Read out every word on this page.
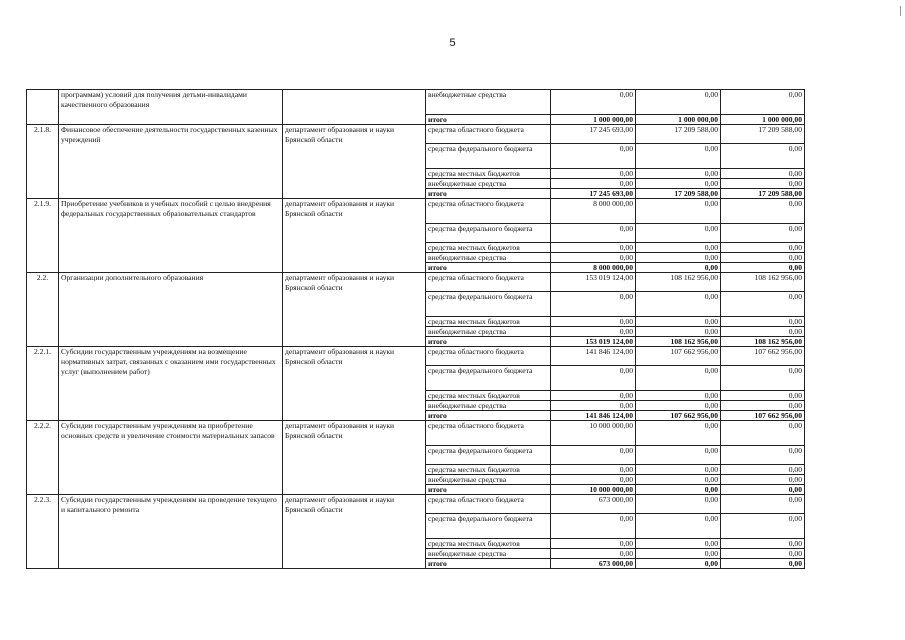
5
	программам) условий для получения детьми-инвалидами качественного образования		внебюджетные средства	0,00	0,00	0,00
			итого	1 000 000,00	1 000 000,00	1 000 000,00
2.1.8.	Финансовое обеспечение деятельности государственных казенных учреждений	департамент образования и науки Брянской области	средства областного бюджета	17 245 693,00	17 209 588,00	17 209 588,00
			средства федерального бюджета	0,00	0,00	0,00
			средства местных бюджетов	0,00	0,00	0,00
			внебюджетные средства	0,00	0,00	0,00
			итого	17 245 693,00	17 209 588,00	17 209 588,00
2.1.9.	Приобретение учебников и учебных пособий с целью внедрения федеральных государственных образовательных стандартов	департамент образования и науки Брянской области	средства областного бюджета	8 000 000,00	0,00	0,00
			средства федерального бюджета	0,00	0,00	0,00
			средства местных бюджетов	0,00	0,00	0,00
			внебюджетные средства	0,00	0,00	0,00
			итого	8 000 000,00	0,00	0,00
2.2.	Организации дополнительного образования	департамент образования и науки Брянской области	средства областного бюджета	153 019 124,00	108 162 956,00	108 162 956,00
			средства федерального бюджета	0,00	0,00	0,00
			средства местных бюджетов	0,00	0,00	0,00
			внебюджетные средства	0,00	0,00	0,00
			итого	153 019 124,00	108 162 956,00	108 162 956,00
2.2.1.	Субсидии государственным учреждениям на возмещение нормативных затрат, связанных с оказанием ими государственных услуг (выполнением работ)	департамент образования и науки Брянской области	средства областного бюджета	141 846 124,00	107 662 956,00	107 662 956,00
			средства федерального бюджета	0,00	0,00	0,00
			средства местных бюджетов	0,00	0,00	0,00
			внебюджетные средства	0,00	0,00	0,00
			итого	141 846 124,00	107 662 956,00	107 662 956,00
2.2.2.	Субсидии государственным учреждениям на приобретение основных средств и увеличение стоимости материальных запасов	департамент образования и науки Брянской области	средства областного бюджета	10 000 000,00	0,00	0,00
			средства федерального бюджета	0,00	0,00	0,00
			средства местных бюджетов	0,00	0,00	0,00
			внебюджетные средства	0,00	0,00	0,00
			итого	10 000 000,00	0,00	0,00
2.2.3.	Субсидии государственным учреждениям на проведение текущего и капитального ремонта	департамент образования и науки Брянской области	средства областного бюджета	673 000,00	0,00	0,00
			средства федерального бюджета	0,00	0,00	0,00
			средства местных бюджетов	0,00	0,00	0,00
			внебюджетные средства	0,00	0,00	0,00
			итого	673 000,00	0,00	0,00
